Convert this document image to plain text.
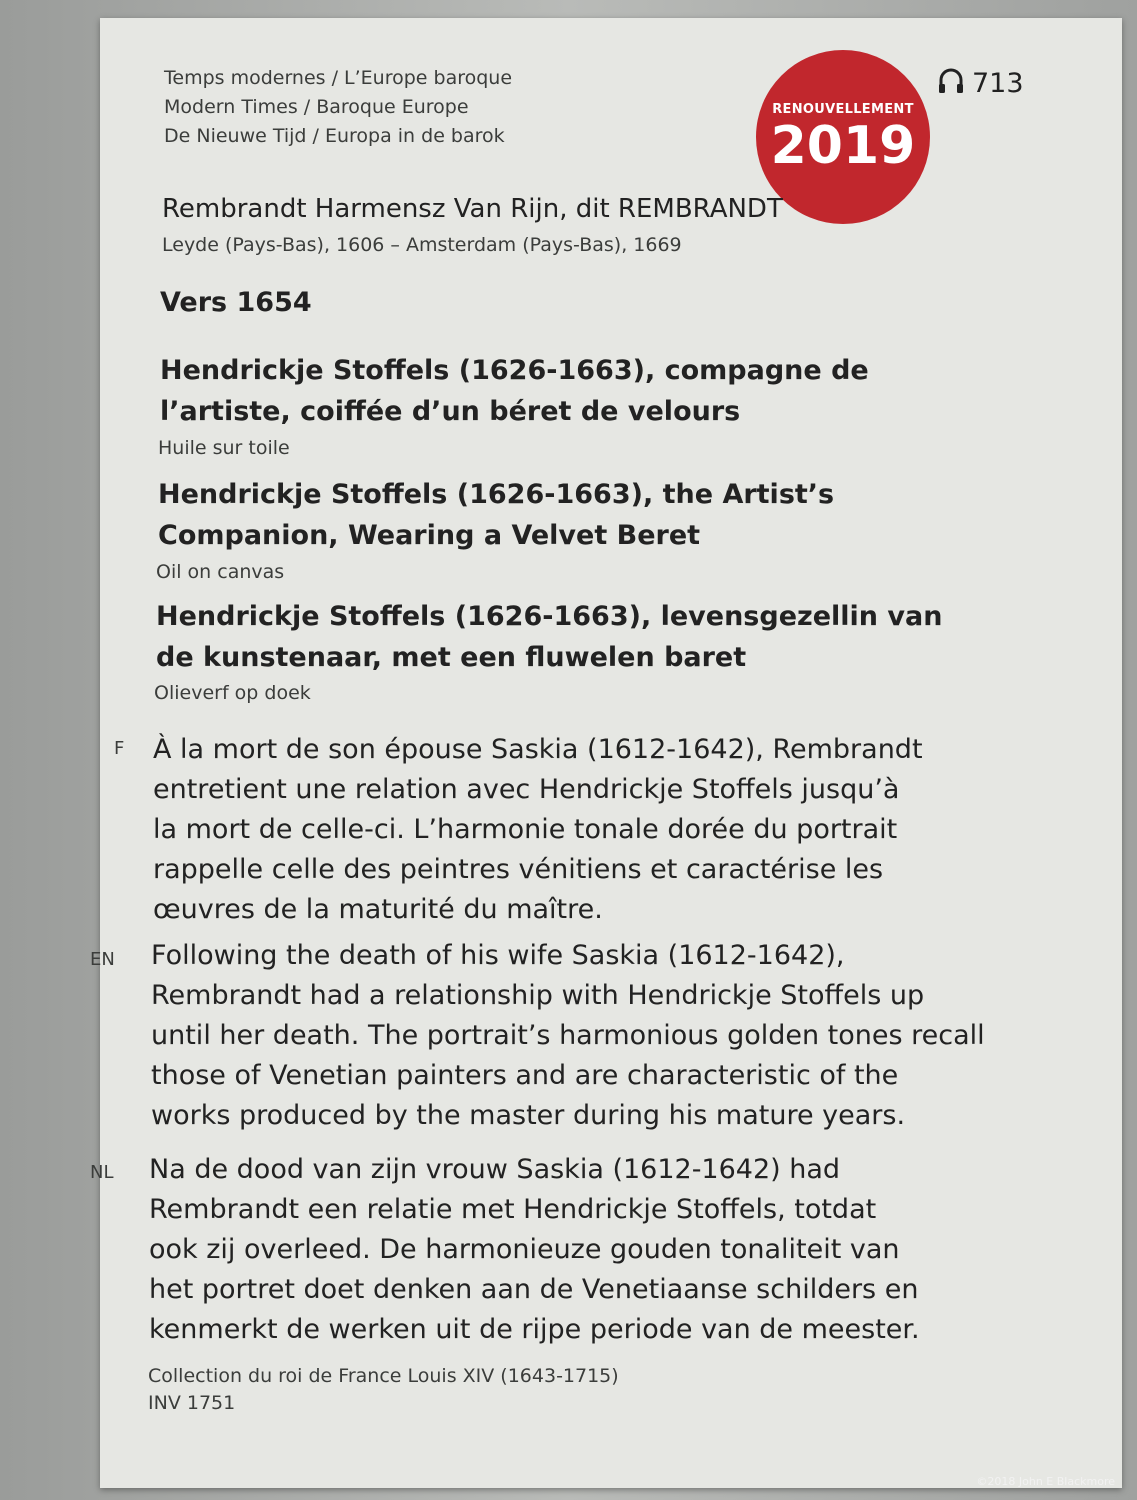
Temps modernes / L’Europe baroque
Modern Times / Baroque Europe
De Nieuwe Tijd / Europa in de barok
RENOUVELLEMENT
2019
713
Rembrandt Harmensz Van Rijn, dit REMBRANDT
Leyde (Pays-Bas), 1606 – Amsterdam (Pays-Bas), 1669
Vers 1654
Hendrickje Stoffels (1626-1663), compagne de
l’artiste, coiffée d’un béret de velours
Huile sur toile
Hendrickje Stoffels (1626-1663), the Artist’s
Companion, Wearing a Velvet Beret
Oil on canvas
Hendrickje Stoffels (1626-1663), levensgezellin van
de kunstenaar, met een fluwelen baret
Olieverf op doek
F À la mort de son épouse Saskia (1612-1642), Rembrandt
entretient une relation avec Hendrickje Stoffels jusqu’à
la mort de celle-ci. L’harmonie tonale dorée du portrait
rappelle celle des peintres vénitiens et caractérise les
œuvres de la maturité du maître.
EN Following the death of his wife Saskia (1612-1642),
Rembrandt had a relationship with Hendrickje Stoffels up
until her death. The portrait’s harmonious golden tones recall
those of Venetian painters and are characteristic of the
works produced by the master during his mature years.
NL Na de dood van zijn vrouw Saskia (1612-1642) had
Rembrandt een relatie met Hendrickje Stoffels, totdat
ook zij overleed. De harmonieuze gouden tonaliteit van
het portret doet denken aan de Venetiaanse schilders en
kenmerkt de werken uit de rijpe periode van de meester.
Collection du roi de France Louis XIV (1643-1715)
INV 1751
©2018 John E Blackmore
